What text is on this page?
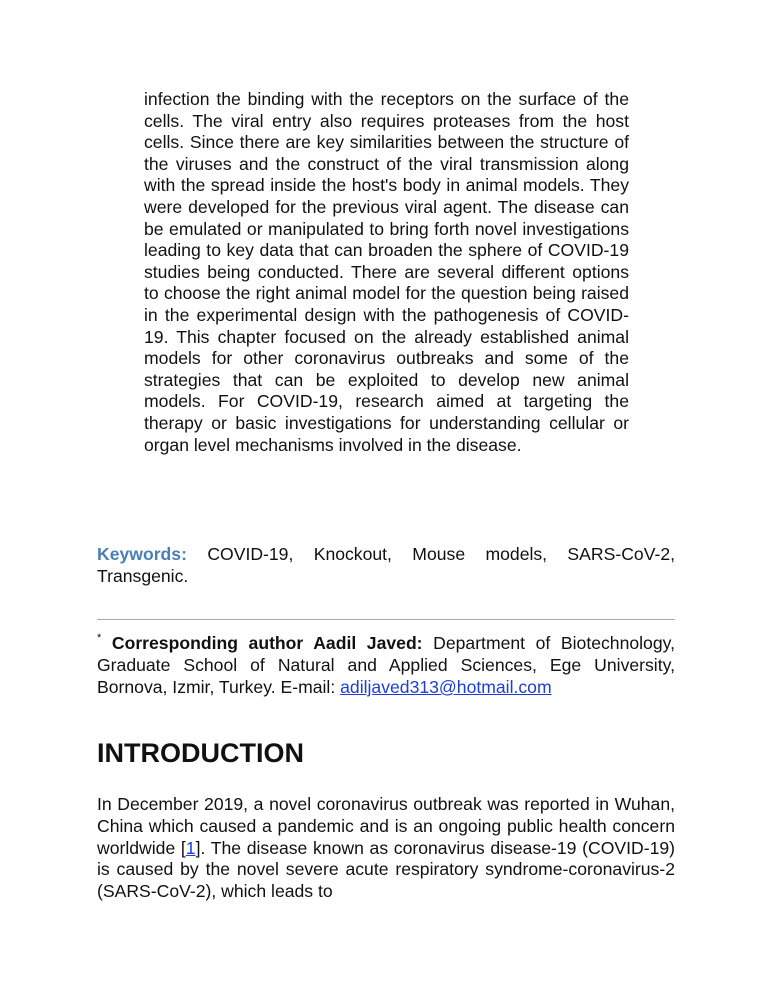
infection the binding with the receptors on the surface of the cells. The viral entry also requires proteases from the host cells. Since there are key similarities between the structure of the viruses and the construct of the viral transmission along with the spread inside the host's body in animal models. They were developed for the previous viral agent. The disease can be emulated or manipulated to bring forth novel investigations leading to key data that can broaden the sphere of COVID-19 studies being conducted. There are several different options to choose the right animal model for the question being raised in the experimental design with the pathogenesis of COVID-19. This chapter focused on the already established animal models for other coronavirus outbreaks and some of the strategies that can be exploited to develop new animal models. For COVID-19, research aimed at targeting the therapy or basic investigations for understanding cellular or organ level mechanisms involved in the disease.

Keywords: COVID-19, Knockout, Mouse models, SARS-CoV-2, Transgenic.

* Corresponding author Aadil Javed: Department of Biotechnology, Graduate School of Natural and Applied Sciences, Ege University, Bornova, Izmir, Turkey. E-mail: adiljaved313@hotmail.com

INTRODUCTION

In December 2019, a novel coronavirus outbreak was reported in Wuhan, China which caused a pandemic and is an ongoing public health concern worldwide [1]. The disease known as coronavirus disease-19 (COVID-19) is caused by the novel severe acute respiratory syndrome-coronavirus-2 (SARS-CoV-2), which leads to
